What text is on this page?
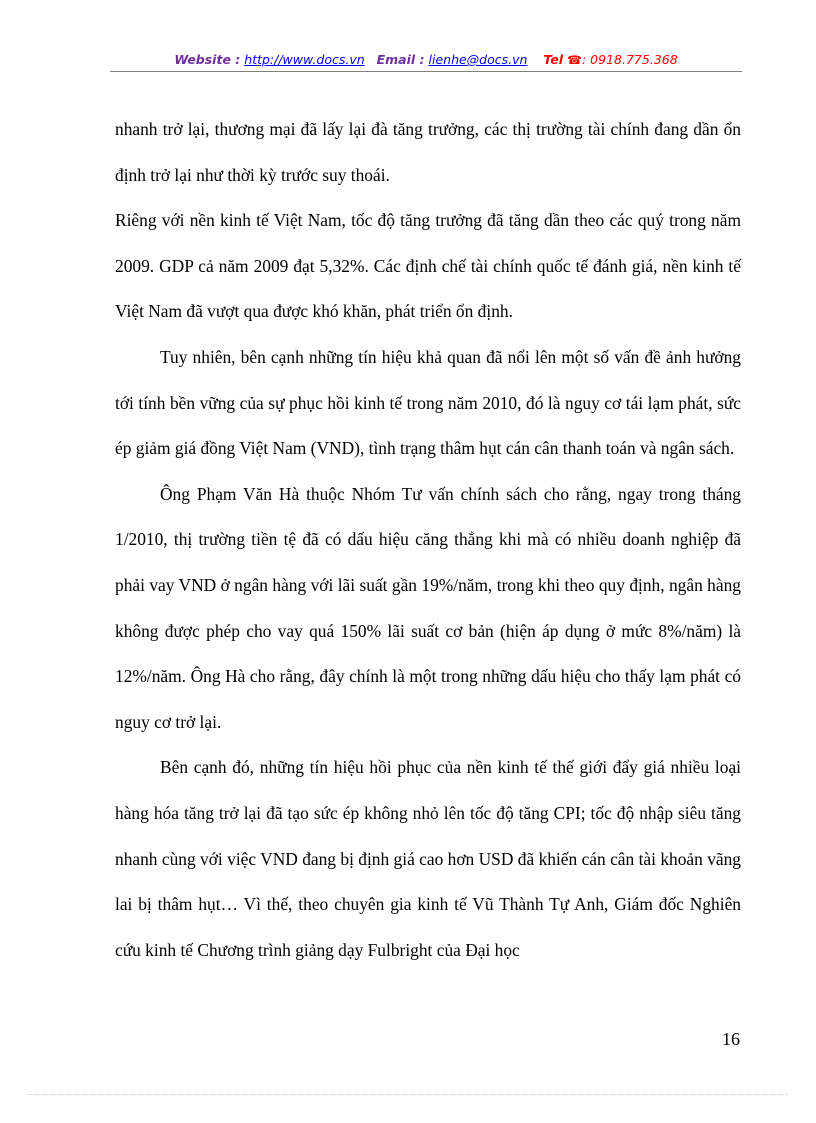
Website : http://www.docs.vn Email : lienhe@docs.vn Tel ☎: 0918.775.368

nhanh trở lại, thương mại đã lấy lại đà tăng trưởng, các thị trường tài chính đang dần ổn định trở lại như thời kỳ trước suy thoái.

Riêng với nền kinh tế Việt Nam, tốc độ tăng trưởng đã tăng dần theo các quý trong năm 2009. GDP cả năm 2009 đạt 5,32%. Các định chế tài chính quốc tế đánh giá, nền kinh tế Việt Nam đã vượt qua được khó khăn, phát triển ổn định.

Tuy nhiên, bên cạnh những tín hiệu khả quan đã nổi lên một số vấn đề ảnh hưởng tới tính bền vững của sự phục hồi kinh tế trong năm 2010, đó là nguy cơ tái lạm phát, sức ép giảm giá đồng Việt Nam (VND), tình trạng thâm hụt cán cân thanh toán và ngân sách.

Ông Phạm Văn Hà thuộc Nhóm Tư vấn chính sách cho rằng, ngay trong tháng 1/2010, thị trường tiền tệ đã có dấu hiệu căng thẳng khi mà có nhiều doanh nghiệp đã phải vay VND ở ngân hàng với lãi suất gần 19%/năm, trong khi theo quy định, ngân hàng không được phép cho vay quá 150% lãi suất cơ bản (hiện áp dụng ở mức 8%/năm) là 12%/năm. Ông Hà cho rằng, đây chính là một trong những dấu hiệu cho thấy lạm phát có nguy cơ trở lại.

Bên cạnh đó, những tín hiệu hồi phục của nền kinh tế thế giới đẩy giá nhiều loại hàng hóa tăng trở lại đã tạo sức ép không nhỏ lên tốc độ tăng CPI; tốc độ nhập siêu tăng nhanh cùng với việc VND đang bị định giá cao hơn USD đã khiến cán cân tài khoản vãng lai bị thâm hụt… Vì thế, theo chuyên gia kinh tế Vũ Thành Tự Anh, Giám đốc Nghiên cứu kinh tế Chương trình giảng dạy Fulbright của Đại học

16
